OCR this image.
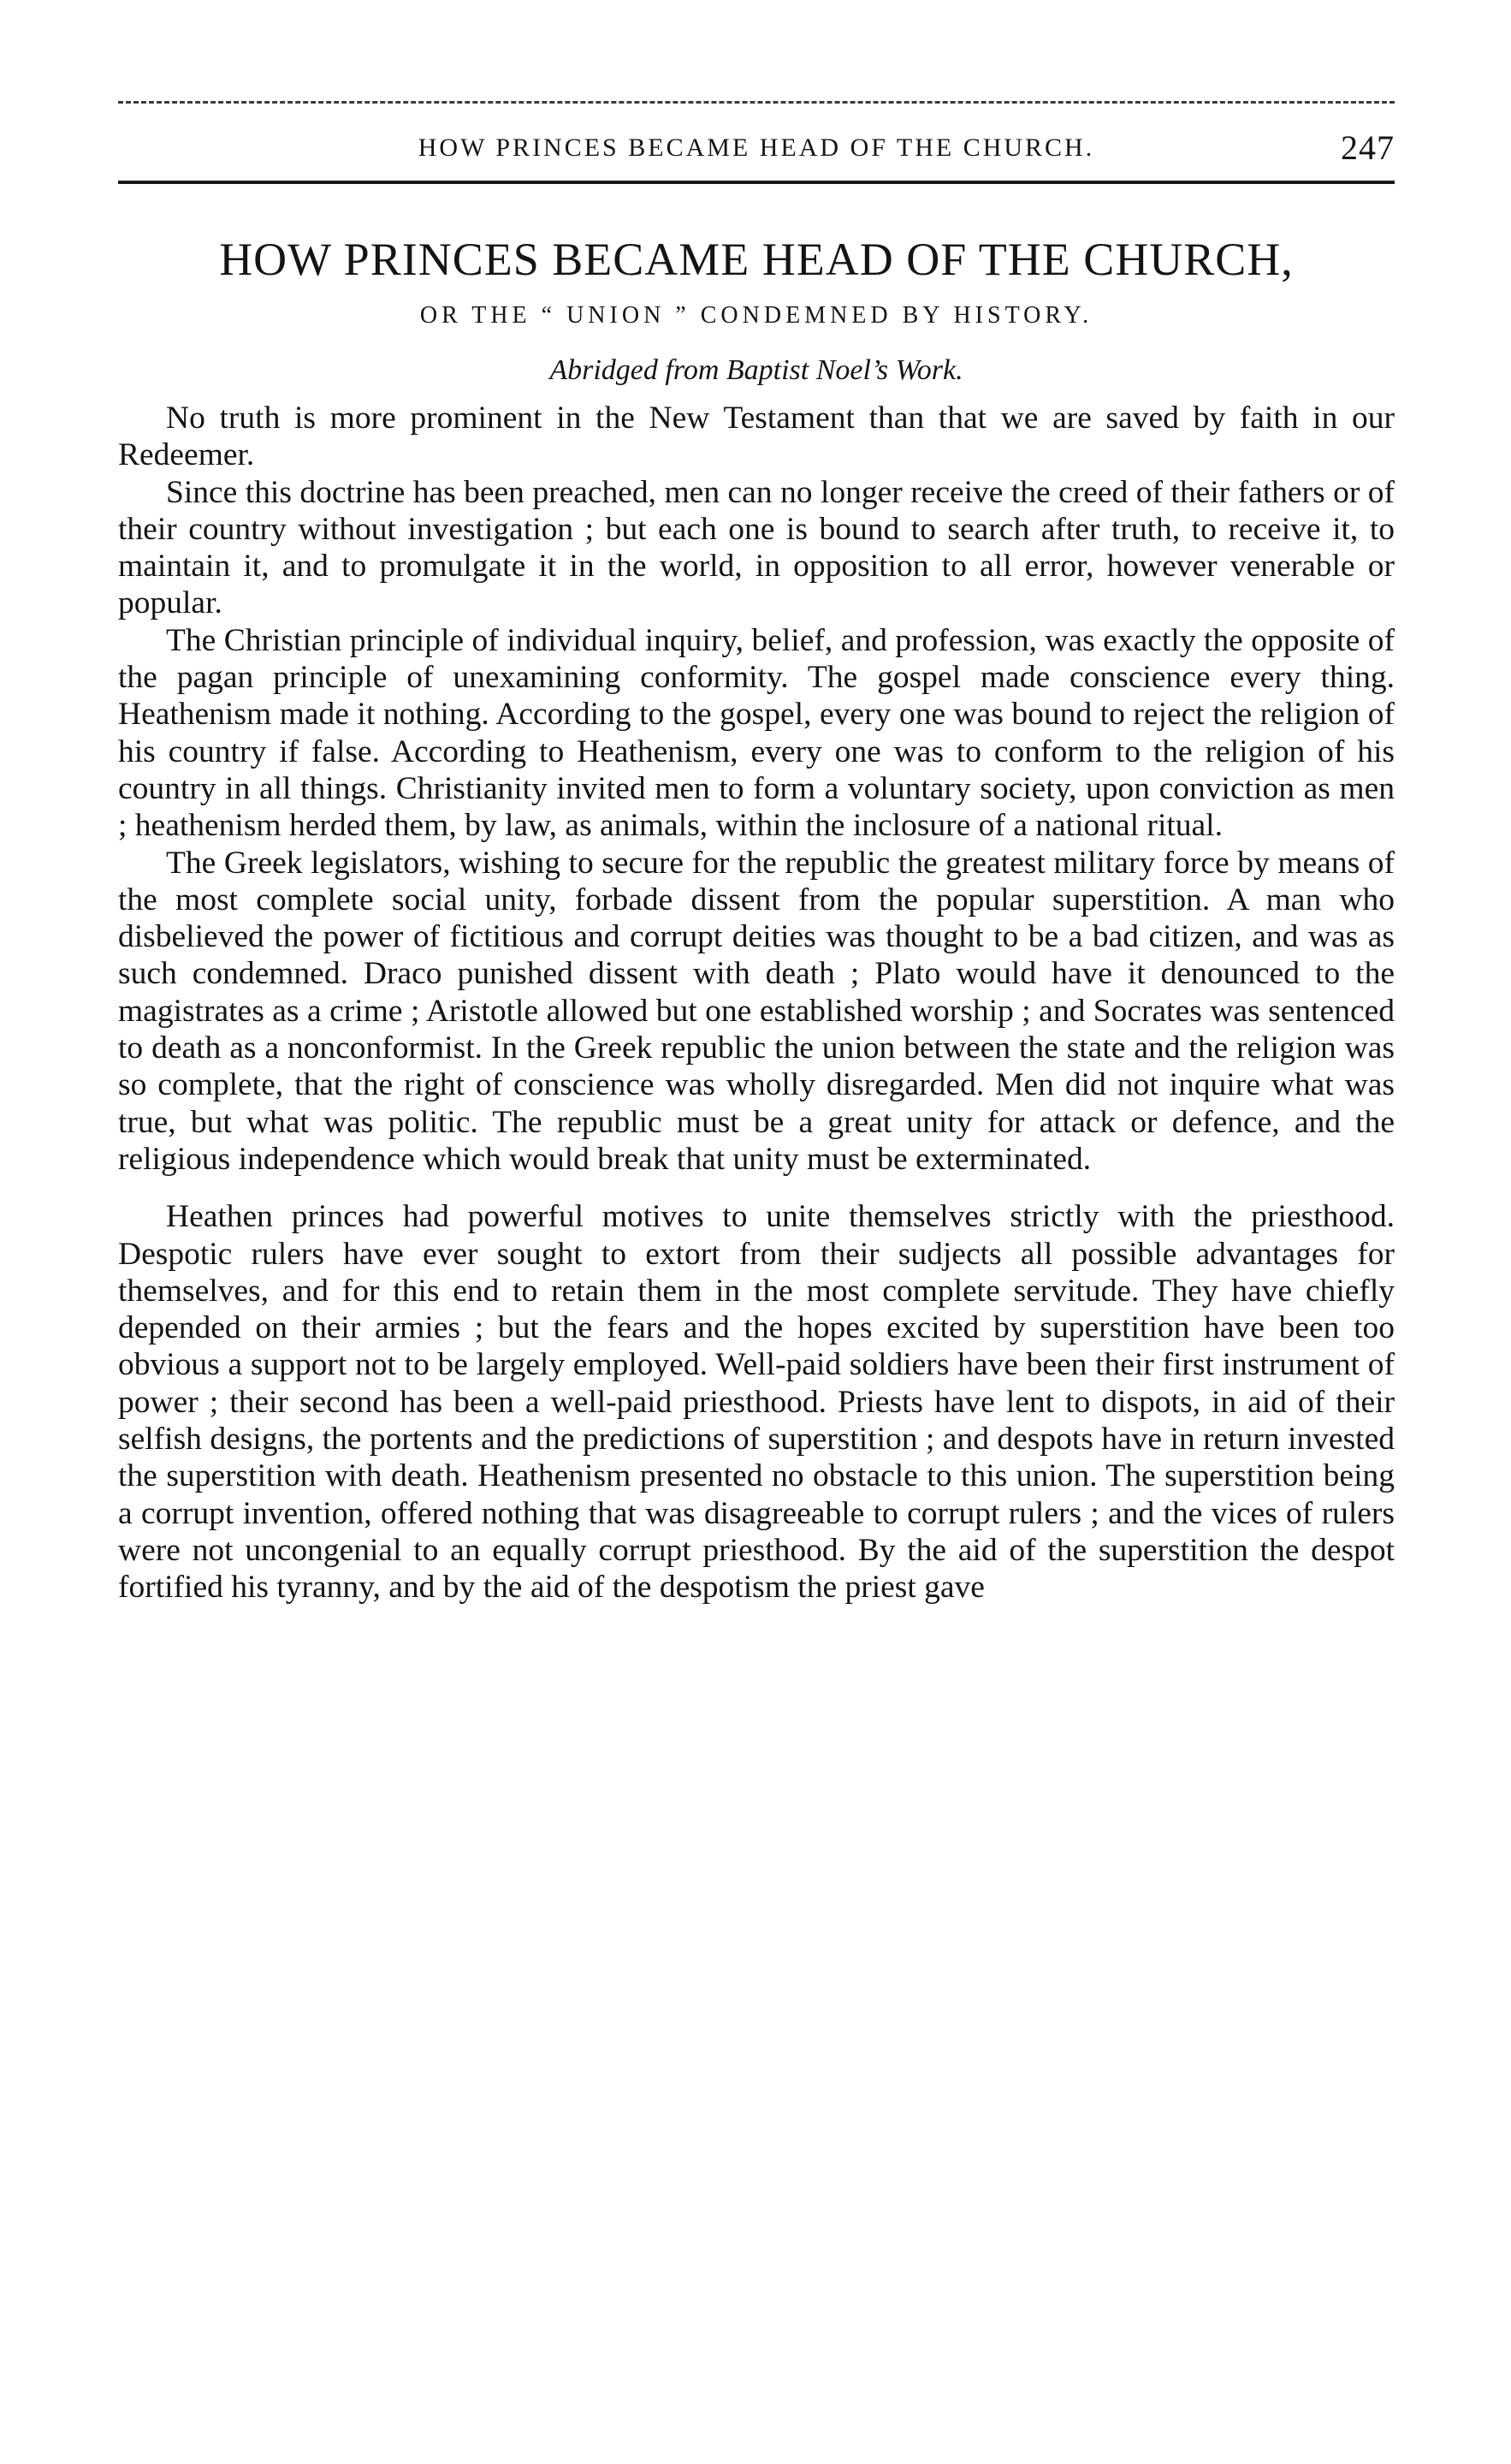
HOW PRINCES BECAME HEAD OF THE CHURCH.	247
HOW PRINCES BECAME HEAD OF THE CHURCH,
OR THE “ UNION ” CONDEMNED BY HISTORY.
Abridged from Baptist Noel’s Work.

No truth is more prominent in the New Testament than that we are saved by faith in our Redeemer.

Since this doctrine has been preached, men can no longer receive the creed of their fathers or of their country without investigation ; but each one is bound to search after truth, to receive it, to maintain it, and to promulgate it in the world, in opposition to all error, however venerable or popular.

The Christian principle of individual inquiry, belief, and profession, was exactly the opposite of the pagan principle of unexamining conformity. The gospel made conscience every thing. Heathenism made it nothing. According to the gospel, every one was bound to reject the religion of his country if false. According to Heathenism, every one was to conform to the religion of his country in all things. Christianity invited men to form a voluntary society, upon conviction as men ; heathenism herded them, by law, as animals, within the inclosure of a national ritual.

The Greek legislators, wishing to secure for the republic the greatest military force by means of the most complete social unity, forbade dissent from the popular superstition. A man who disbelieved the power of fictitious and corrupt deities was thought to be a bad citizen, and was as such condemned. Draco punished dissent with death ; Plato would have it denounced to the magistrates as a crime ; Aristotle allowed but one established worship ; and Socrates was sentenced to death as a nonconformist. In the Greek republic the union between the state and the religion was so complete, that the right of conscience was wholly disregarded. Men did not inquire what was true, but what was politic. The republic must be a great unity for attack or defence, and the religious independence which would break that unity must be exterminated.

Heathen princes had powerful motives to unite themselves strictly with the priesthood. Despotic rulers have ever sought to extort from their sudjects all possible advantages for themselves, and for this end to retain them in the most complete servitude. They have chiefly depended on their armies ; but the fears and the hopes excited by superstition have been too obvious a support not to be largely employed. Well-paid soldiers have been their first instrument of power ; their second has been a well-paid priesthood. Priests have lent to dispots, in aid of their selfish designs, the portents and the predictions of superstition ; and despots have in return invested the superstition with death. Heathenism presented no obstacle to this union. The superstition being a corrupt invention, offered nothing that was disagreeable to corrupt rulers ; and the vices of rulers were not uncongenial to an equally corrupt priesthood. By the aid of the superstition the despot fortified his tyranny, and by the aid of the despotism the priest gave
